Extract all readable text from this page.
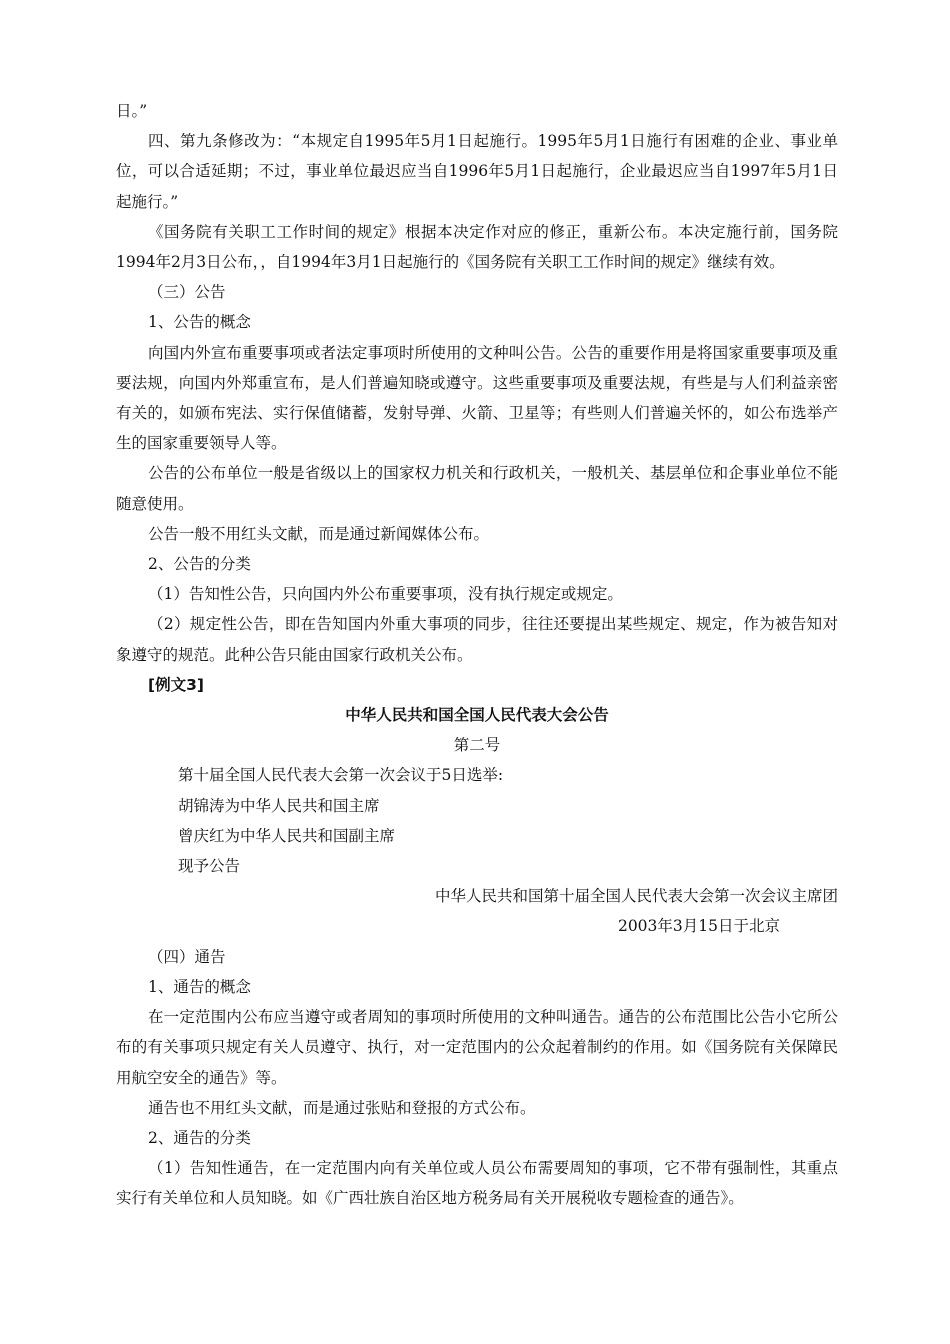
日。”

四、第九条修改为：“本规定自1995年5月1日起施行。1995年5月1日施行有困难的企业、事业单位，可以合适延期；不过，事业单位最迟应当自1996年5月1日起施行，企业最迟应当自1997年5月1日起施行。”

《国务院有关职工工作时间的规定》根据本决定作对应的修正，重新公布。本决定施行前，国务院1994年2月3日公布，，自1994年3月1日起施行的《国务院有关职工工作时间的规定》继续有效。

（三）公告

1、公告的概念

向国内外宣布重要事项或者法定事项时所使用的文种叫公告。公告的重要作用是将国家重要事项及重要法规，向国内外郑重宣布，是人们普遍知晓或遵守。这些重要事项及重要法规，有些是与人们利益亲密有关的，如颁布宪法、实行保值储蓄，发射导弹、火箭、卫星等；有些则人们普遍关怀的，如公布选举产生的国家重要领导人等。

公告的公布单位一般是省级以上的国家权力机关和行政机关，一般机关、基层单位和企事业单位不能随意使用。

公告一般不用红头文献，而是通过新闻媒体公布。

2、公告的分类

（1）告知性公告，只向国内外公布重要事项，没有执行规定或规定。

（2）规定性公告，即在告知国内外重大事项的同步，往往还要提出某些规定、规定，作为被告知对象遵守的规范。此种公告只能由国家行政机关公布。

[例文3]

中华人民共和国全国人民代表大会公告

第二号

第十届全国人民代表大会第一次会议于5日选举:

胡锦涛为中华人民共和国主席

曾庆红为中华人民共和国副主席

现予公告

中华人民共和国第十届全国人民代表大会第一次会议主席团

2003年3月15日于北京

（四）通告

1、通告的概念

在一定范围内公布应当遵守或者周知的事项时所使用的文种叫通告。通告的公布范围比公告小它所公布的有关事项只规定有关人员遵守、执行，对一定范围内的公众起着制约的作用。如《国务院有关保障民用航空安全的通告》等。

通告也不用红头文献，而是通过张贴和登报的方式公布。

2、通告的分类

（1）告知性通告，在一定范围内向有关单位或人员公布需要周知的事项，它不带有强制性，其重点实行有关单位和人员知晓。如《广西壮族自治区地方税务局有关开展税收专题检查的通告》。
